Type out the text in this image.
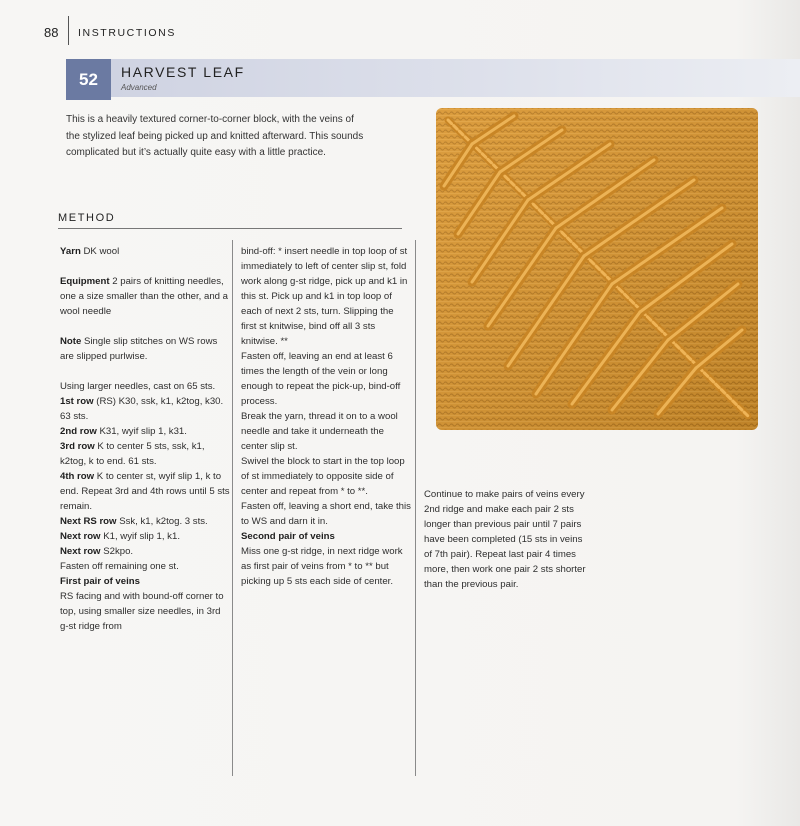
88 INSTRUCTIONS
52	HARVEST LEAF
Advanced
This is a heavily textured corner-to-corner block, with the veins of the stylized leaf being picked up and knitted afterward. This sounds complicated but it’s actually quite easy with a little practice.
METHOD

Yarn DK wool

Equipment 2 pairs of knitting needles, one a size smaller than the other, and a wool needle

Note Single slip stitches on WS rows are slipped purlwise.

Using larger needles, cast on 65 sts.

1st row (RS) K30, ssk, k1, k2tog, k30. 63 sts.

2nd row K31, wyif slip 1, k31.

3rd row K to center 5 sts, ssk, k1, k2tog, k to end. 61 sts.

4th row K to center st, wyif slip 1, k to end. Repeat 3rd and 4th rows until 5 sts remain.

Next RS row Ssk, k1, k2tog. 3 sts.

Next row K1, wyif slip 1, k1.

Next row S2kpo.

Fasten off remaining one st.

First pair of veins

RS facing and with bound-off corner to top, using smaller size needles, in 3rd g-st ridge from

bind-off: * insert needle in top loop of st immediately to left of center slip st, fold work along g-st ridge, pick up and k1 in this st. Pick up and k1 in top loop of each of next 2 sts, turn. Slipping the first st knitwise, bind off all 3 sts knitwise. **

Fasten off, leaving an end at least 6 times the length of the vein or long enough to repeat the pick-up, bind-off process.

Break the yarn, thread it on to a wool needle and take it underneath the center slip st.

Swivel the block to start in the top loop of st immediately to opposite side of center and repeat from * to **.

Fasten off, leaving a short end, take this to WS and darn it in.

Second pair of veins

Miss one g-st ridge, in next ridge work as first pair of veins from * to ** but picking up 5 sts each side of center.

Continue to make pairs of veins every 2nd ridge and make each pair 2 sts longer than previous pair until 7 pairs have been completed (15 sts in veins of 7th pair). Repeat last pair 4 times more, then work one pair 2 sts shorter than the previous pair.
